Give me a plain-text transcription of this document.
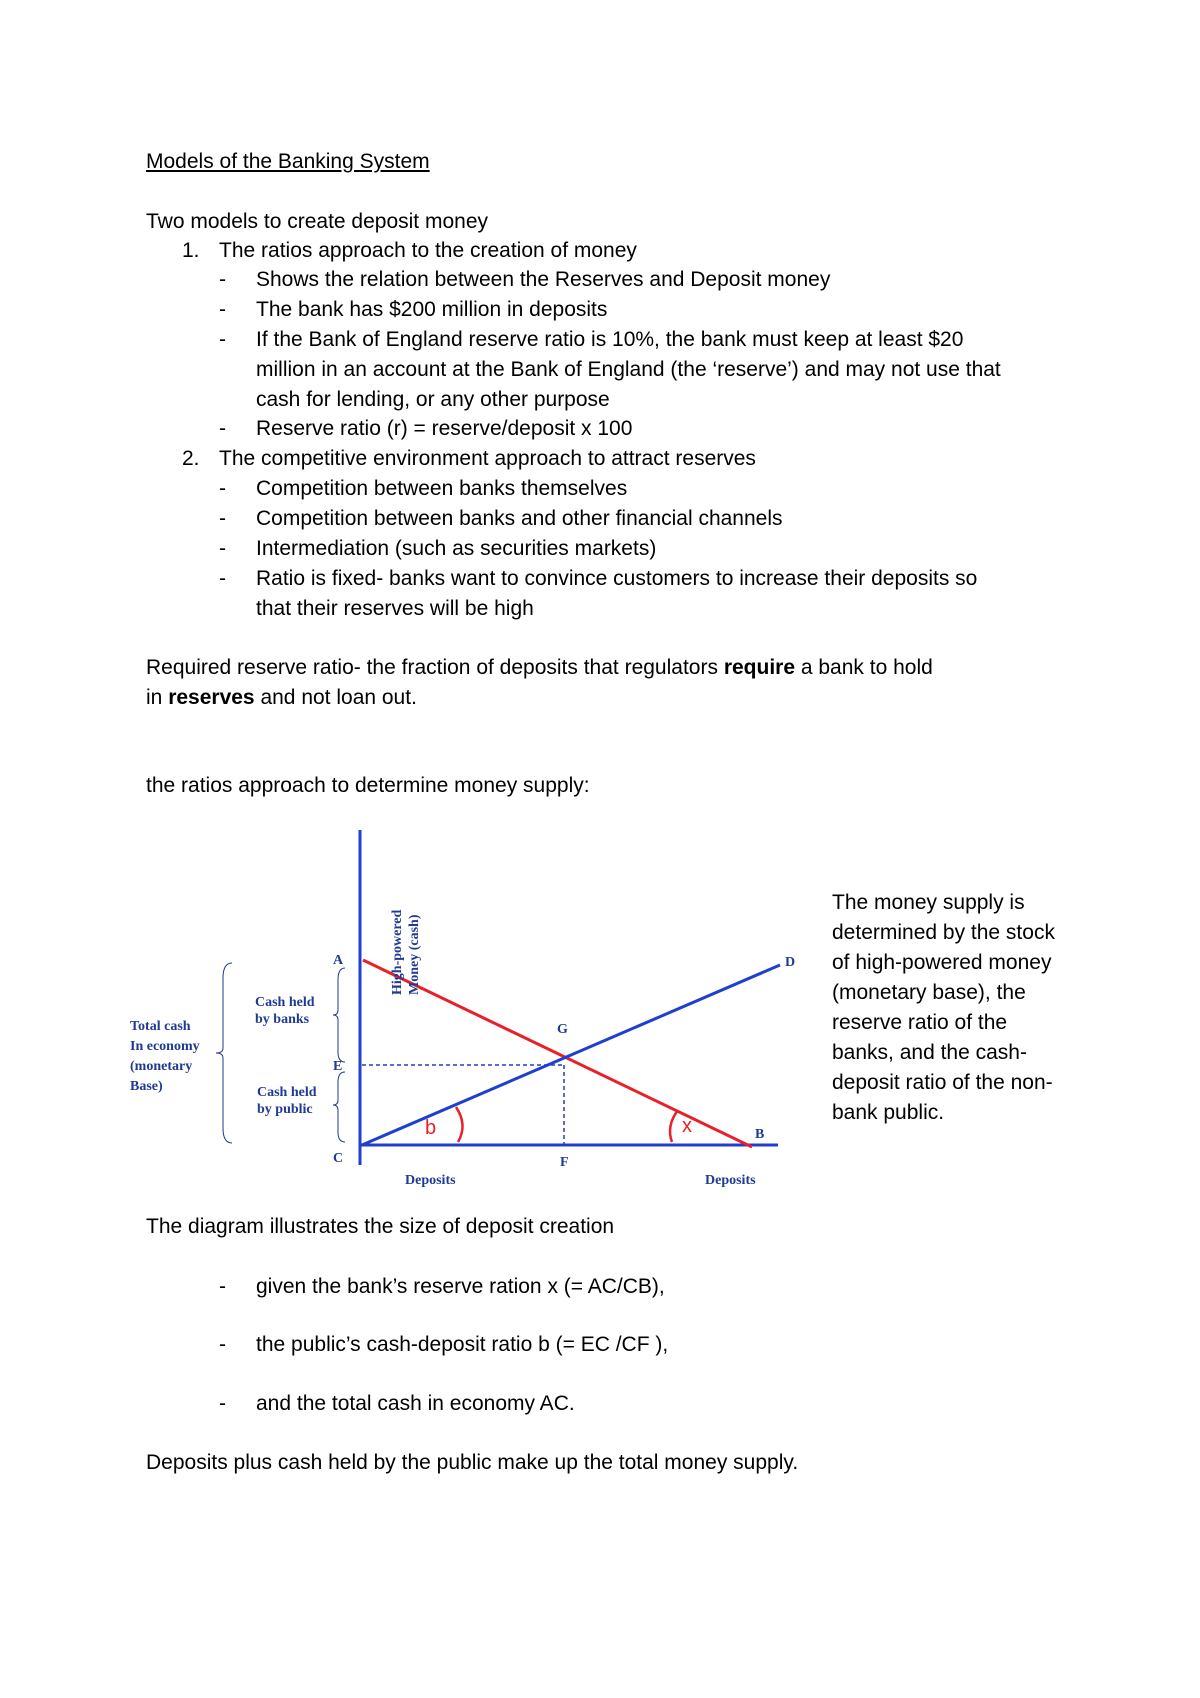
Models of the Banking System
Two models to create deposit money
1. The ratios approach to the creation of money
- Shows the relation between the Reserves and Deposit money
- The bank has $200 million in deposits
- If the Bank of England reserve ratio is 10%, the bank must keep at least $20
million in an account at the Bank of England (the ‘reserve’) and may not use that
cash for lending, or any other purpose
- Reserve ratio (r) = reserve/deposit x 100
2. The competitive environment approach to attract reserves
- Competition between banks themselves
- Competition between banks and other financial channels
- Intermediation (such as securities markets)
- Ratio is fixed- banks want to convince customers to increase their deposits so
that their reserves will be high
Required reserve ratio- the fraction of deposits that regulators require a bank to hold
in reserves and not loan out.
the ratios approach to determine money supply:
b	x
A
E
C
G
F
D
B
High-powered Money (cash)
Deposits	Deposits
Cash held
by banks
Cash held
by public
Total cash
In economy
(monetary
Base)
The money supply is determined by the stock of high-powered money (monetary base), the reserve ratio of the banks, and the cash-deposit ratio of the non-bank public.
The diagram illustrates the size of deposit creation
- given the bank’s reserve ration x (= AC/CB),
- the public’s cash-deposit ratio b (= EC /CF ),
- and the total cash in economy AC.
Deposits plus cash held by the public make up the total money supply.
